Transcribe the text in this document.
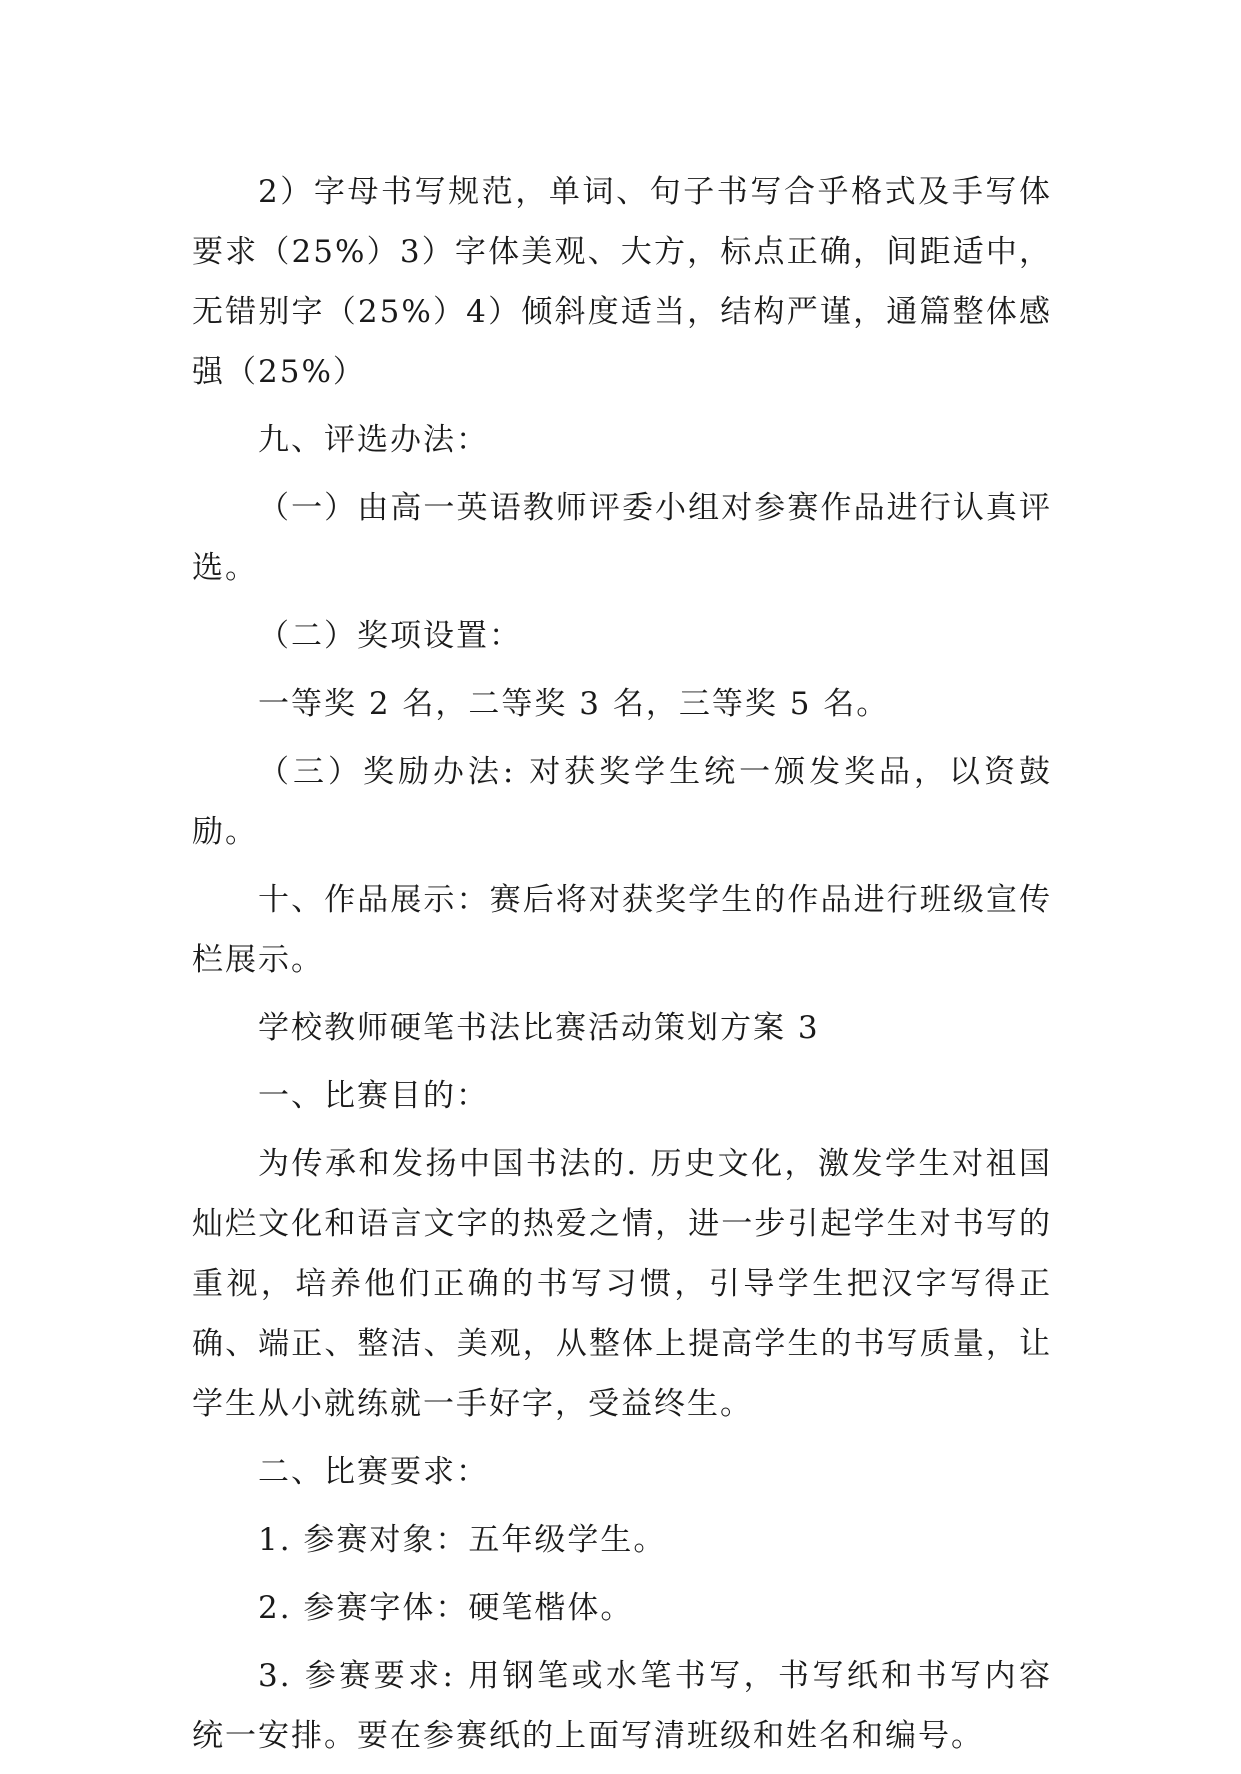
2）字母书写规范，单词、句子书写合乎格式及手写体要求（25%）3）字体美观、大方，标点正确，间距适中，无错别字（25%）4）倾斜度适当，结构严谨，通篇整体感强（25%）

九、评选办法：

（一）由高一英语教师评委小组对参赛作品进行认真评选。

（二）奖项设置：

一等奖 2 名，二等奖 3 名，三等奖 5 名。

（三）奖励办法: 对获奖学生统一颁发奖品，以资鼓励。

十、作品展示：赛后将对获奖学生的作品进行班级宣传栏展示。

学校教师硬笔书法比赛活动策划方案 3

一、比赛目的：

为传承和发扬中国书法的. 历史文化，激发学生对祖国灿烂文化和语言文字的热爱之情，进一步引起学生对书写的重视，培养他们正确的书写习惯，引导学生把汉字写得正确、端正、整洁、美观，从整体上提高学生的书写质量，让学生从小就练就一手好字，受益终生。

二、比赛要求：

1. 参赛对象：五年级学生。

2. 参赛字体：硬笔楷体。

3. 参赛要求: 用钢笔或水笔书写，书写纸和书写内容统一安排。要在参赛纸的上面写清班级和姓名和编号。
